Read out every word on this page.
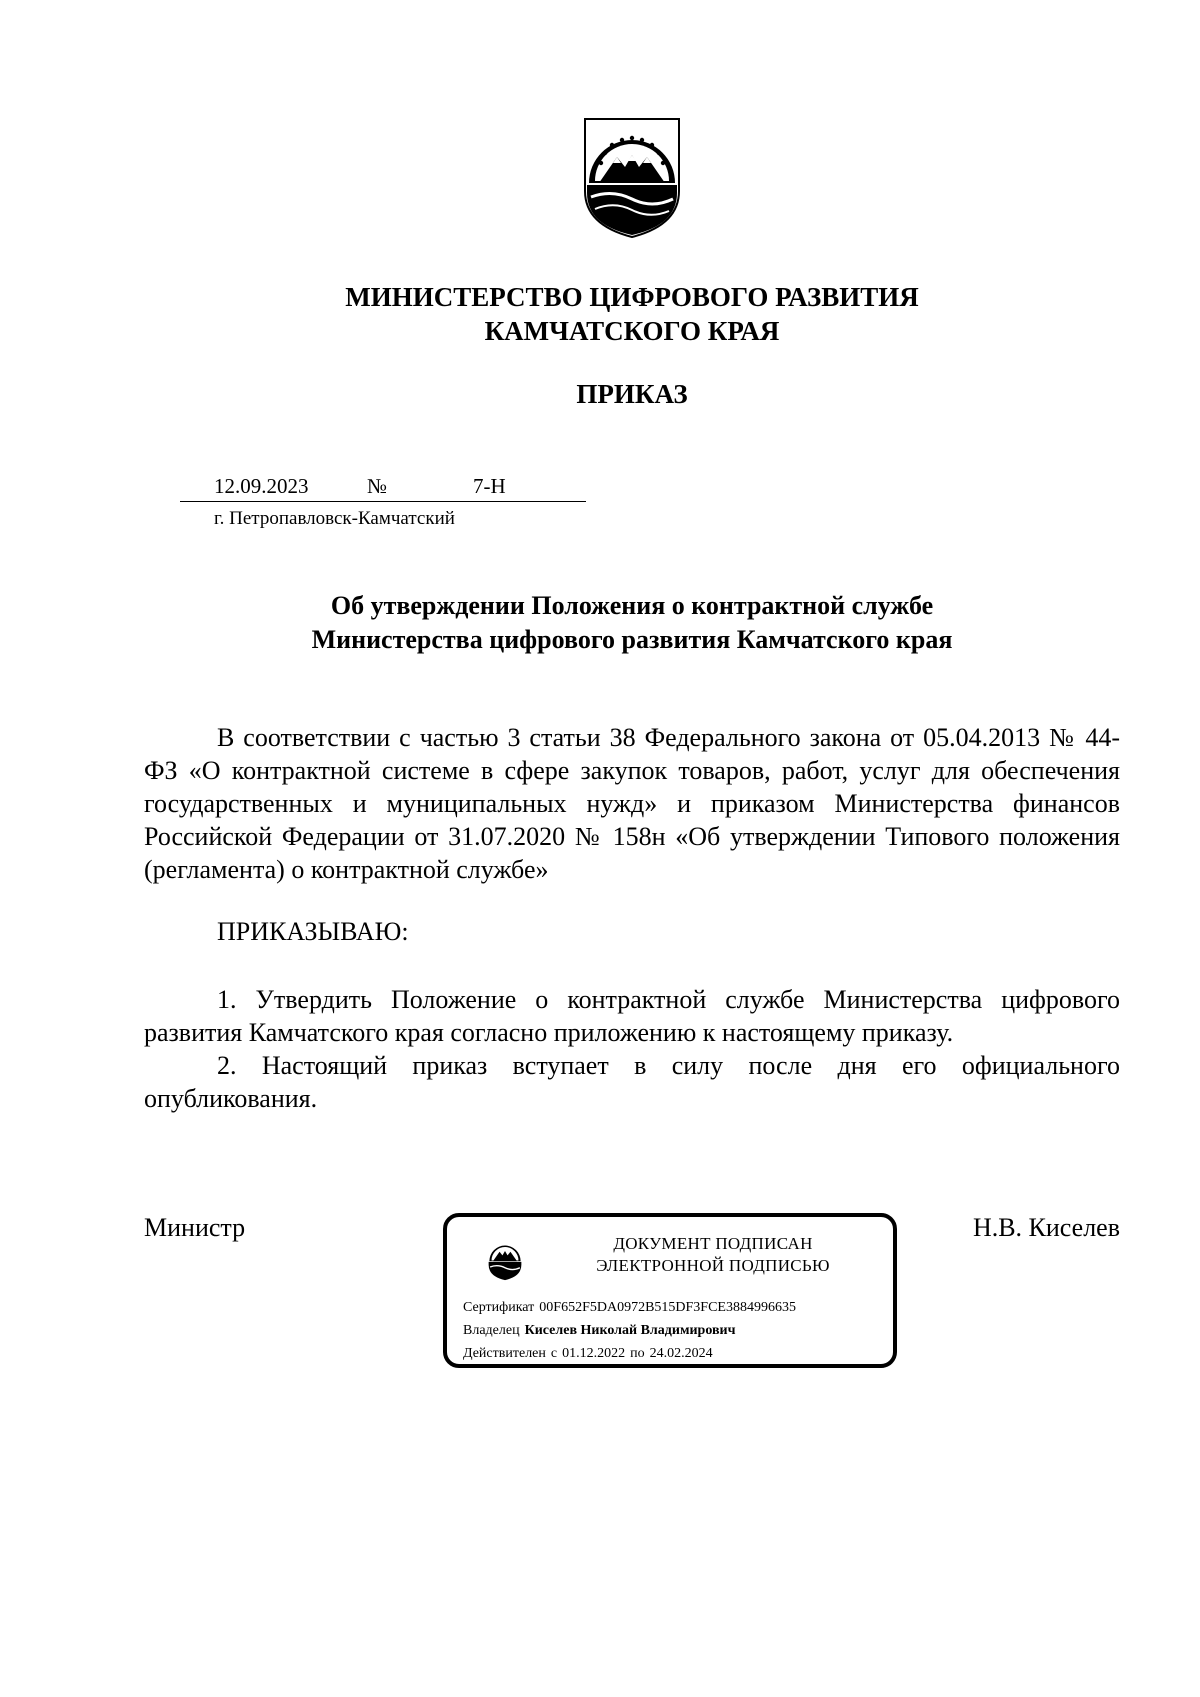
МИНИСТЕРСТВО ЦИФРОВОГО РАЗВИТИЯ
КАМЧАТСКОГО КРАЯ
ПРИКАЗ
12.09.2023	№	7-Н
г. Петропавловск-Камчатский
Об утверждении Положения о контрактной службе
Министерства цифрового развития Камчатского края
В соответствии с частью 3 статьи 38 Федерального закона от 05.04.2013 № 44-ФЗ «О контрактной системе в сфере закупок товаров, работ, услуг для обеспечения государственных и муниципальных нужд» и приказом Министерства финансов Российской Федерации от 31.07.2020 № 158н «Об утверждении Типового положения (регламента) о контрактной службе»
ПРИКАЗЫВАЮ:
1. Утвердить Положение о контрактной службе Министерства цифрового развития Камчатского края согласно приложению к настоящему приказу.
2. Настоящий приказ вступает в силу после дня его официального опубликования.
Министр	Н.В. Киселев
ДОКУМЕНТ ПОДПИСАН
ЭЛЕКТРОННОЙ ПОДПИСЬЮ
Сертификат 00F652F5DA0972B515DF3FCE3884996635
Владелец Киселев Николай Владимирович
Действителен с 01.12.2022 по 24.02.2024
